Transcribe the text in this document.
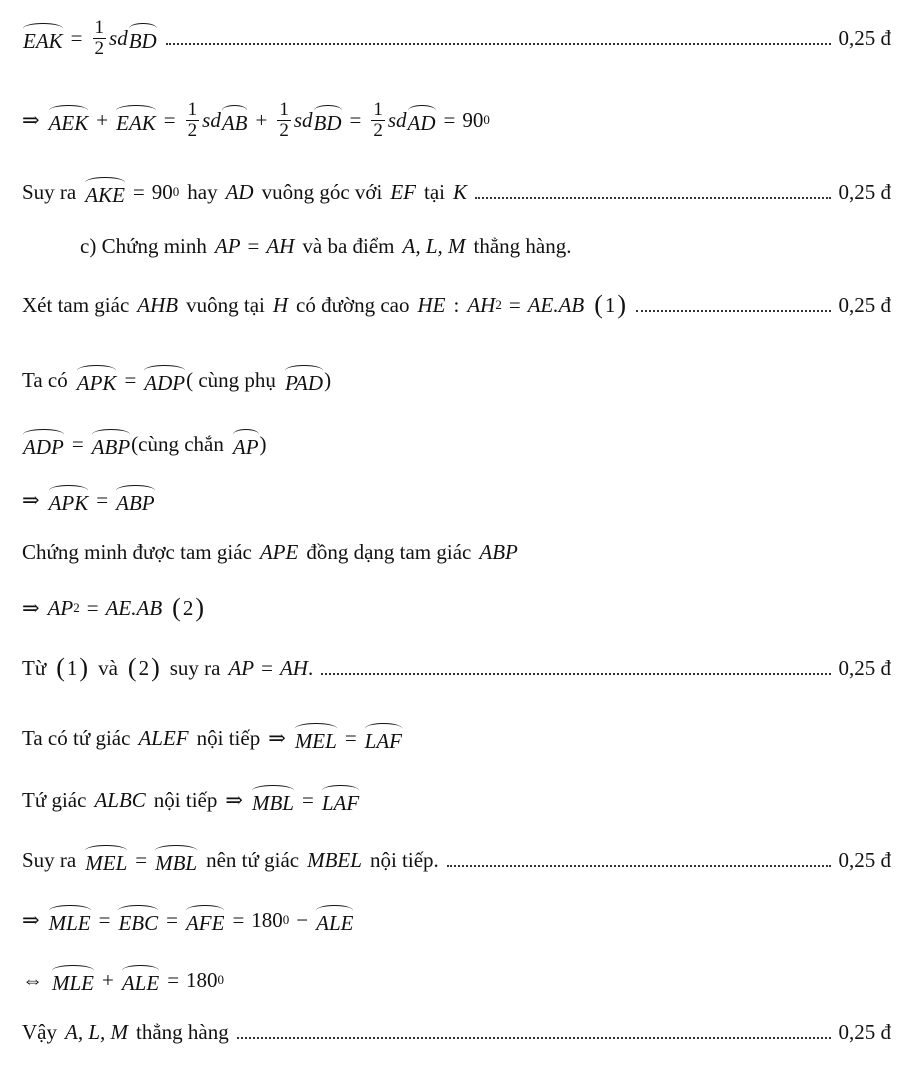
EAK = $\frac{1}{2}$ sd BD	0,25 đ
⇒ AEK + EAK = $\frac{1}{2}$ sd AB + $\frac{1}{2}$ sd BD = $\frac{1}{2}$ sd AD = 90 0
Suy ra AKE = 90 0 hay AD vuông góc với EF tại K	0,25 đ
c) Chứng minh AP = AH và ba điểm A, L, M thẳng hàng.
Xét tam giác AHB vuông tại H có đường cao HE : AH 2 = AE.AB ( 1 )	0,25 đ
Ta có APK = ADP ( cùng phụ PAD )
ADP = ABP (cùng chắn AP )
⇒ APK = ABP
Chứng minh được tam giác APE đồng dạng tam giác ABP
⇒ AP 2 = AE.AB ( 2 )
Từ ( 1 ) và ( 2 ) suy ra AP = AH .	0,25 đ
Ta có tứ giác ALEF nội tiếp ⇒ MEL = LAF
Tứ giác ALBC nội tiếp ⇒ MBL = LAF
Suy ra MEL = MBL nên tứ giác MBEL nội tiếp.	0,25 đ
⇒ MLE = EBC = AFE = 180 0 − ALE
⇔ MLE + ALE = 180 0
Vậy A, L, M thẳng hàng	0,25 đ
